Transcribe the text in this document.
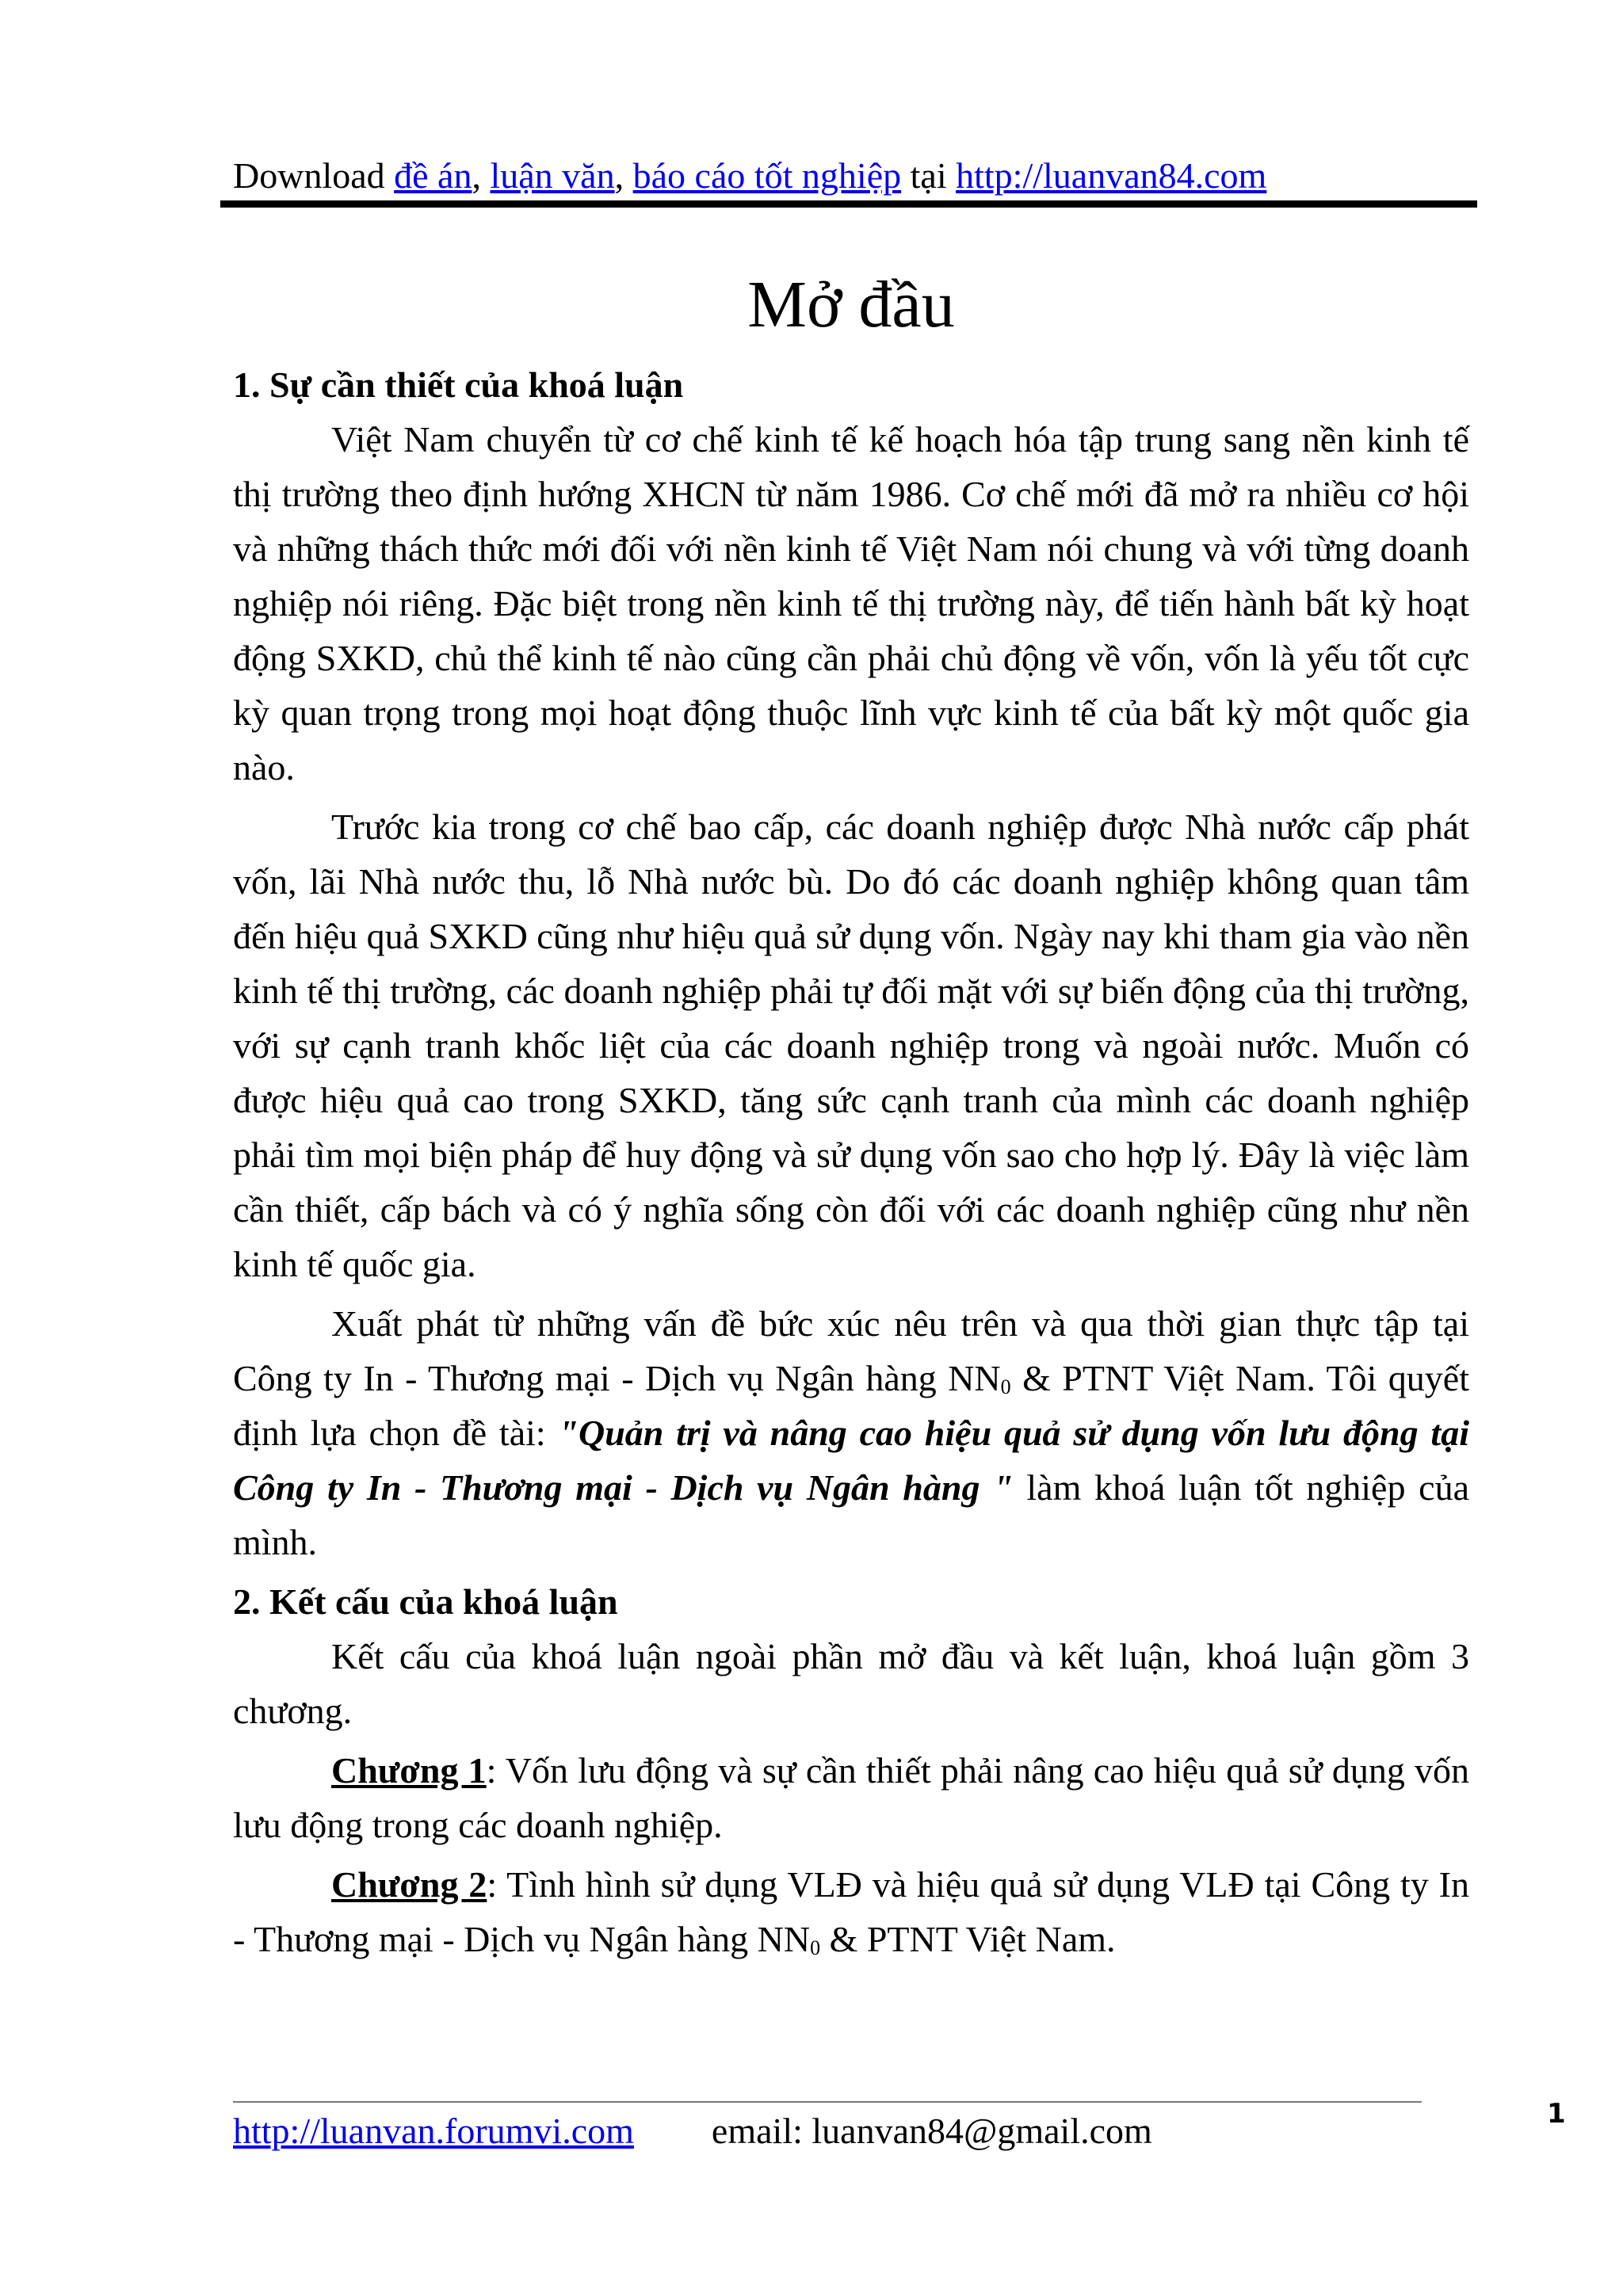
Download đề án, luận văn, báo cáo tốt nghiệp tại http://luanvan84.com
Mở đầu

1. Sự cần thiết của khoá luận

Việt Nam chuyển từ cơ chế kinh tế kế hoạch hóa tập trung sang nền kinh tế thị trường theo định hướng XHCN từ năm 1986. Cơ chế mới đã mở ra nhiều cơ hội và những thách thức mới đối với nền kinh tế Việt Nam nói chung và với từng doanh nghiệp nói riêng. Đặc biệt trong nền kinh tế thị trường này, để tiến hành bất kỳ hoạt động SXKD, chủ thể kinh tế nào cũng cần phải chủ động về vốn, vốn là yếu tốt cực kỳ quan trọng trong mọi hoạt động thuộc lĩnh vực kinh tế của bất kỳ một quốc gia nào.

Trước kia trong cơ chế bao cấp, các doanh nghiệp được Nhà nước cấp phát vốn, lãi Nhà nước thu, lỗ Nhà nước bù. Do đó các doanh nghiệp không quan tâm đến hiệu quả SXKD cũng như hiệu quả sử dụng vốn. Ngày nay khi tham gia vào nền kinh tế thị trường, các doanh nghiệp phải tự đối mặt với sự biến động của thị trường, với sự cạnh tranh khốc liệt của các doanh nghiệp trong và ngoài nước. Muốn có được hiệu quả cao trong SXKD, tăng sức cạnh tranh của mình các doanh nghiệp phải tìm mọi biện pháp để huy động và sử dụng vốn sao cho hợp lý. Đây là việc làm cần thiết, cấp bách và có ý nghĩa sống còn đối với các doanh nghiệp cũng như nền kinh tế quốc gia.

Xuất phát từ những vấn đề bức xúc nêu trên và qua thời gian thực tập tại Công ty In - Thương mại - Dịch vụ Ngân hàng $NN_0$ & PTNT Việt Nam. Tôi quyết định lựa chọn đề tài: "Quản trị và nâng cao hiệu quả sử dụng vốn lưu động tại Công ty In - Thương mại - Dịch vụ Ngân hàng " làm khoá luận tốt nghiệp của mình.

2. Kết cấu của khoá luận

Kết cấu của khoá luận ngoài phần mở đầu và kết luận, khoá luận gồm 3 chương.

Chương 1: Vốn lưu động và sự cần thiết phải nâng cao hiệu quả sử dụng vốn lưu động trong các doanh nghiệp.

Chương 2: Tình hình sử dụng VLĐ và hiệu quả sử dụng VLĐ tại Công ty In - Thương mại - Dịch vụ Ngân hàng $NN_0$ & PTNT Việt Nam.

http://luanvan.forumvi.com email: luanvan84@gmail.com	1
